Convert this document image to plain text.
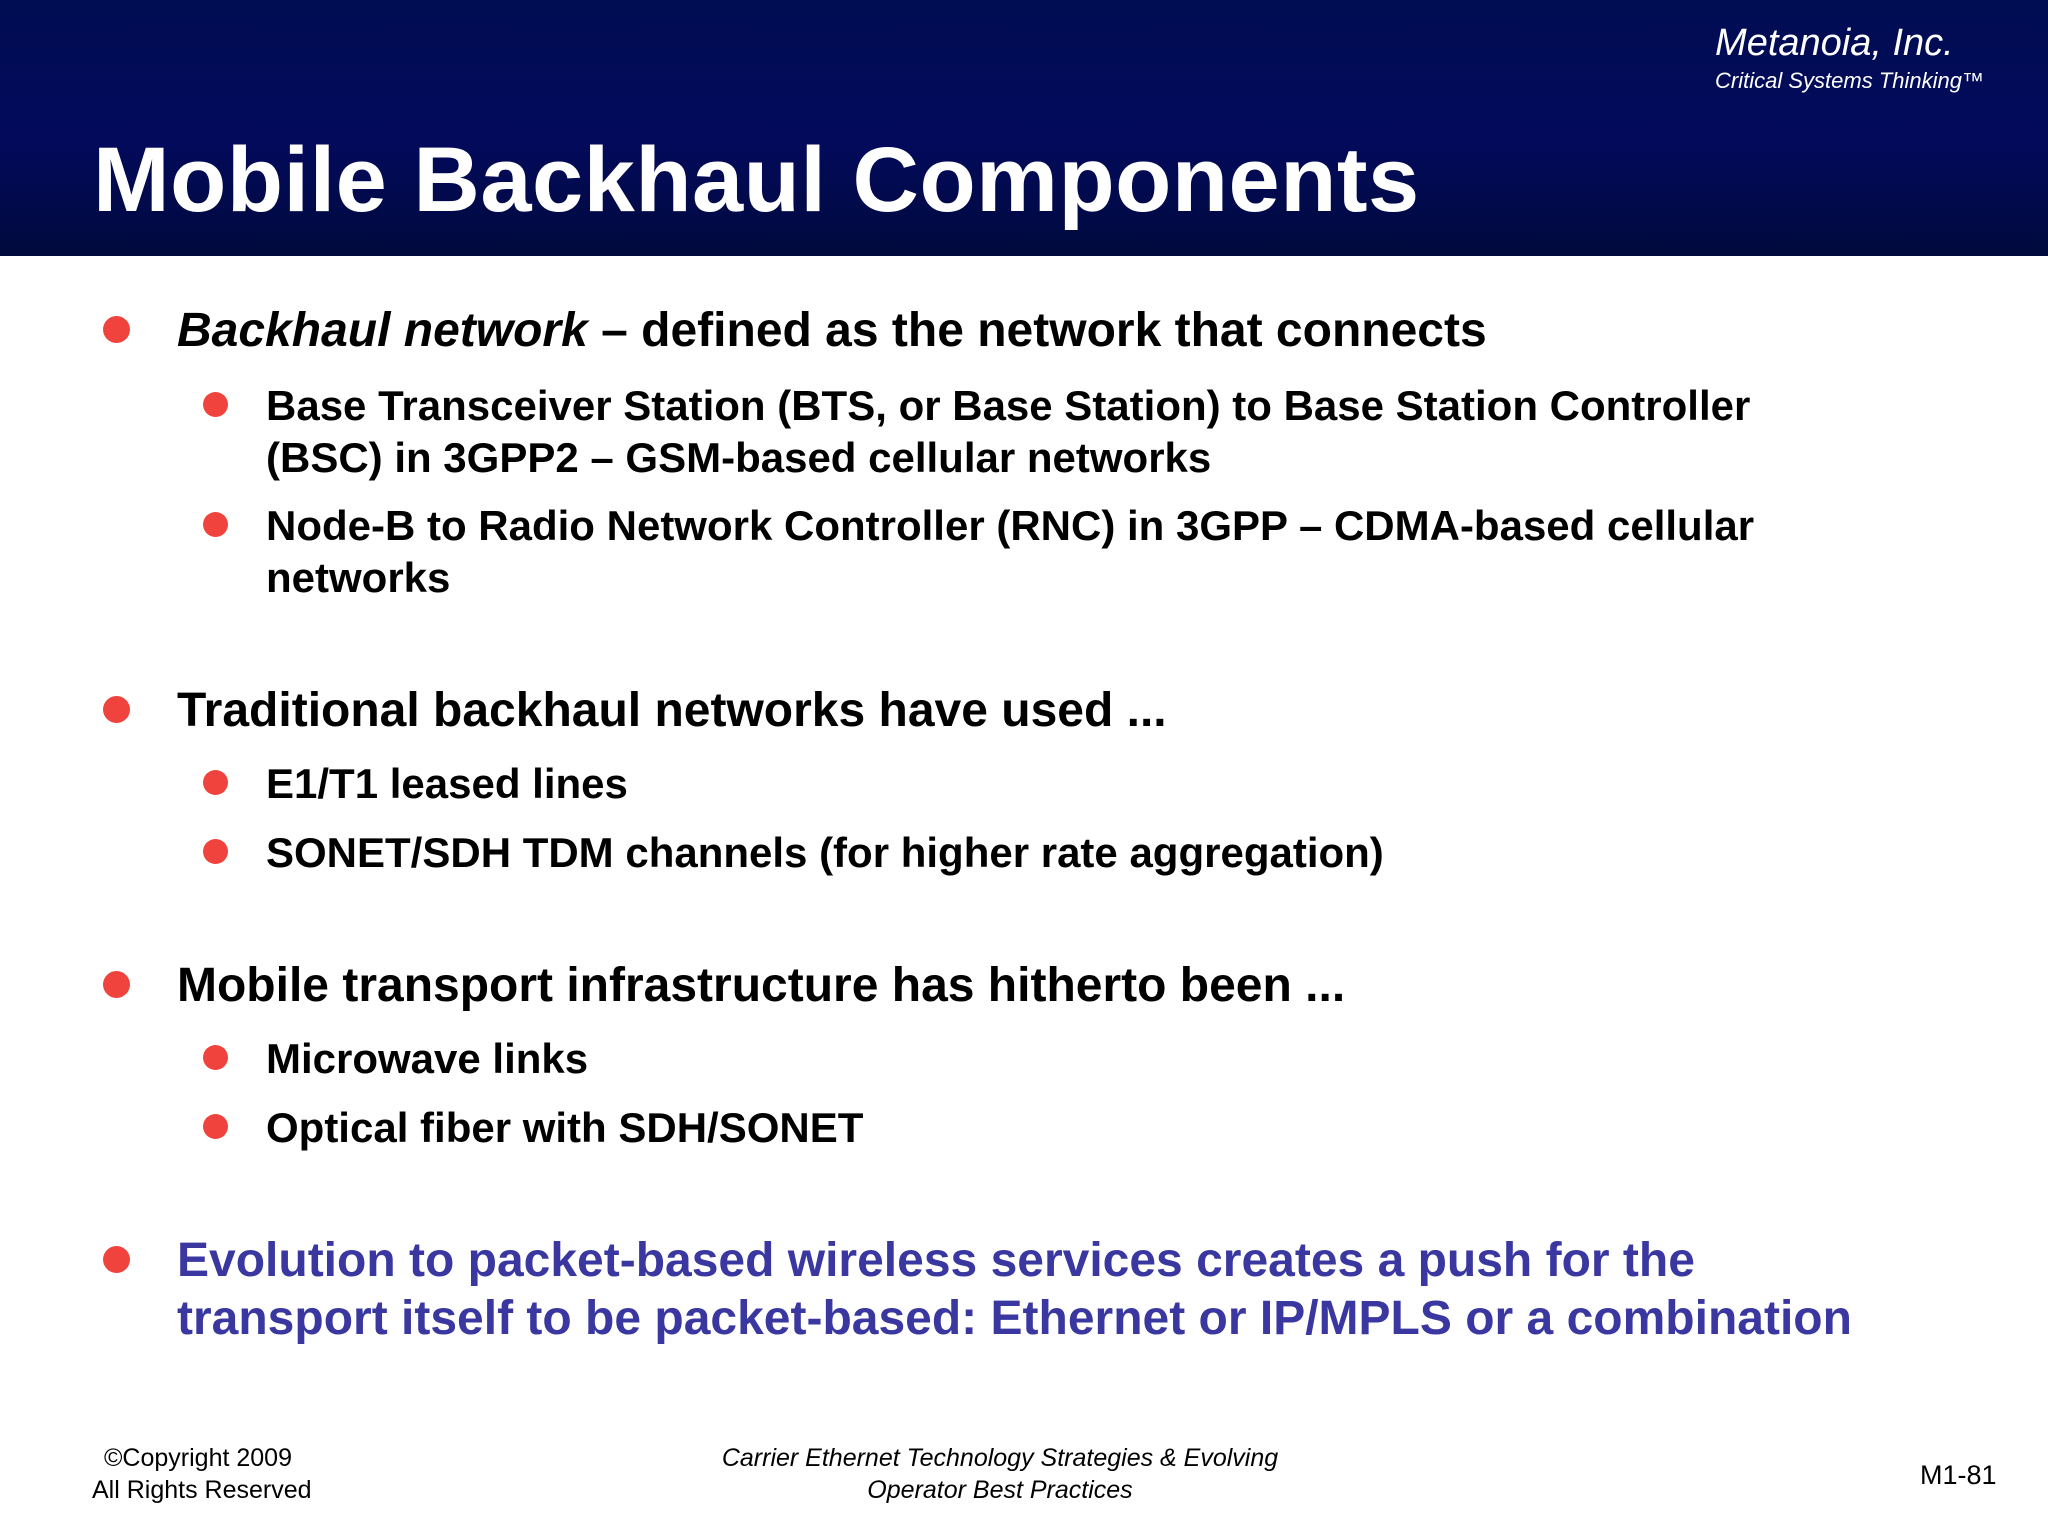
Metanoia, Inc.
Critical Systems Thinking™
Mobile Backhaul Components
Backhaul network – defined as the network that connects
Base Transceiver Station (BTS, or Base Station) to Base Station Controller
(BSC) in 3GPP2 – GSM-based cellular networks
Node-B to Radio Network Controller (RNC) in 3GPP – CDMA-based cellular
networks
Traditional backhaul networks have used ...
E1/T1 leased lines
SONET/SDH TDM channels (for higher rate aggregation)
Mobile transport infrastructure has hitherto been ...
Microwave links
Optical fiber with SDH/SONET
Evolution to packet-based wireless services creates a push for the
transport itself to be packet-based: Ethernet or IP/MPLS or a combination
©Copyright 2009
All Rights Reserved
Carrier Ethernet Technology Strategies & Evolving
Operator Best Practices	M1-81
